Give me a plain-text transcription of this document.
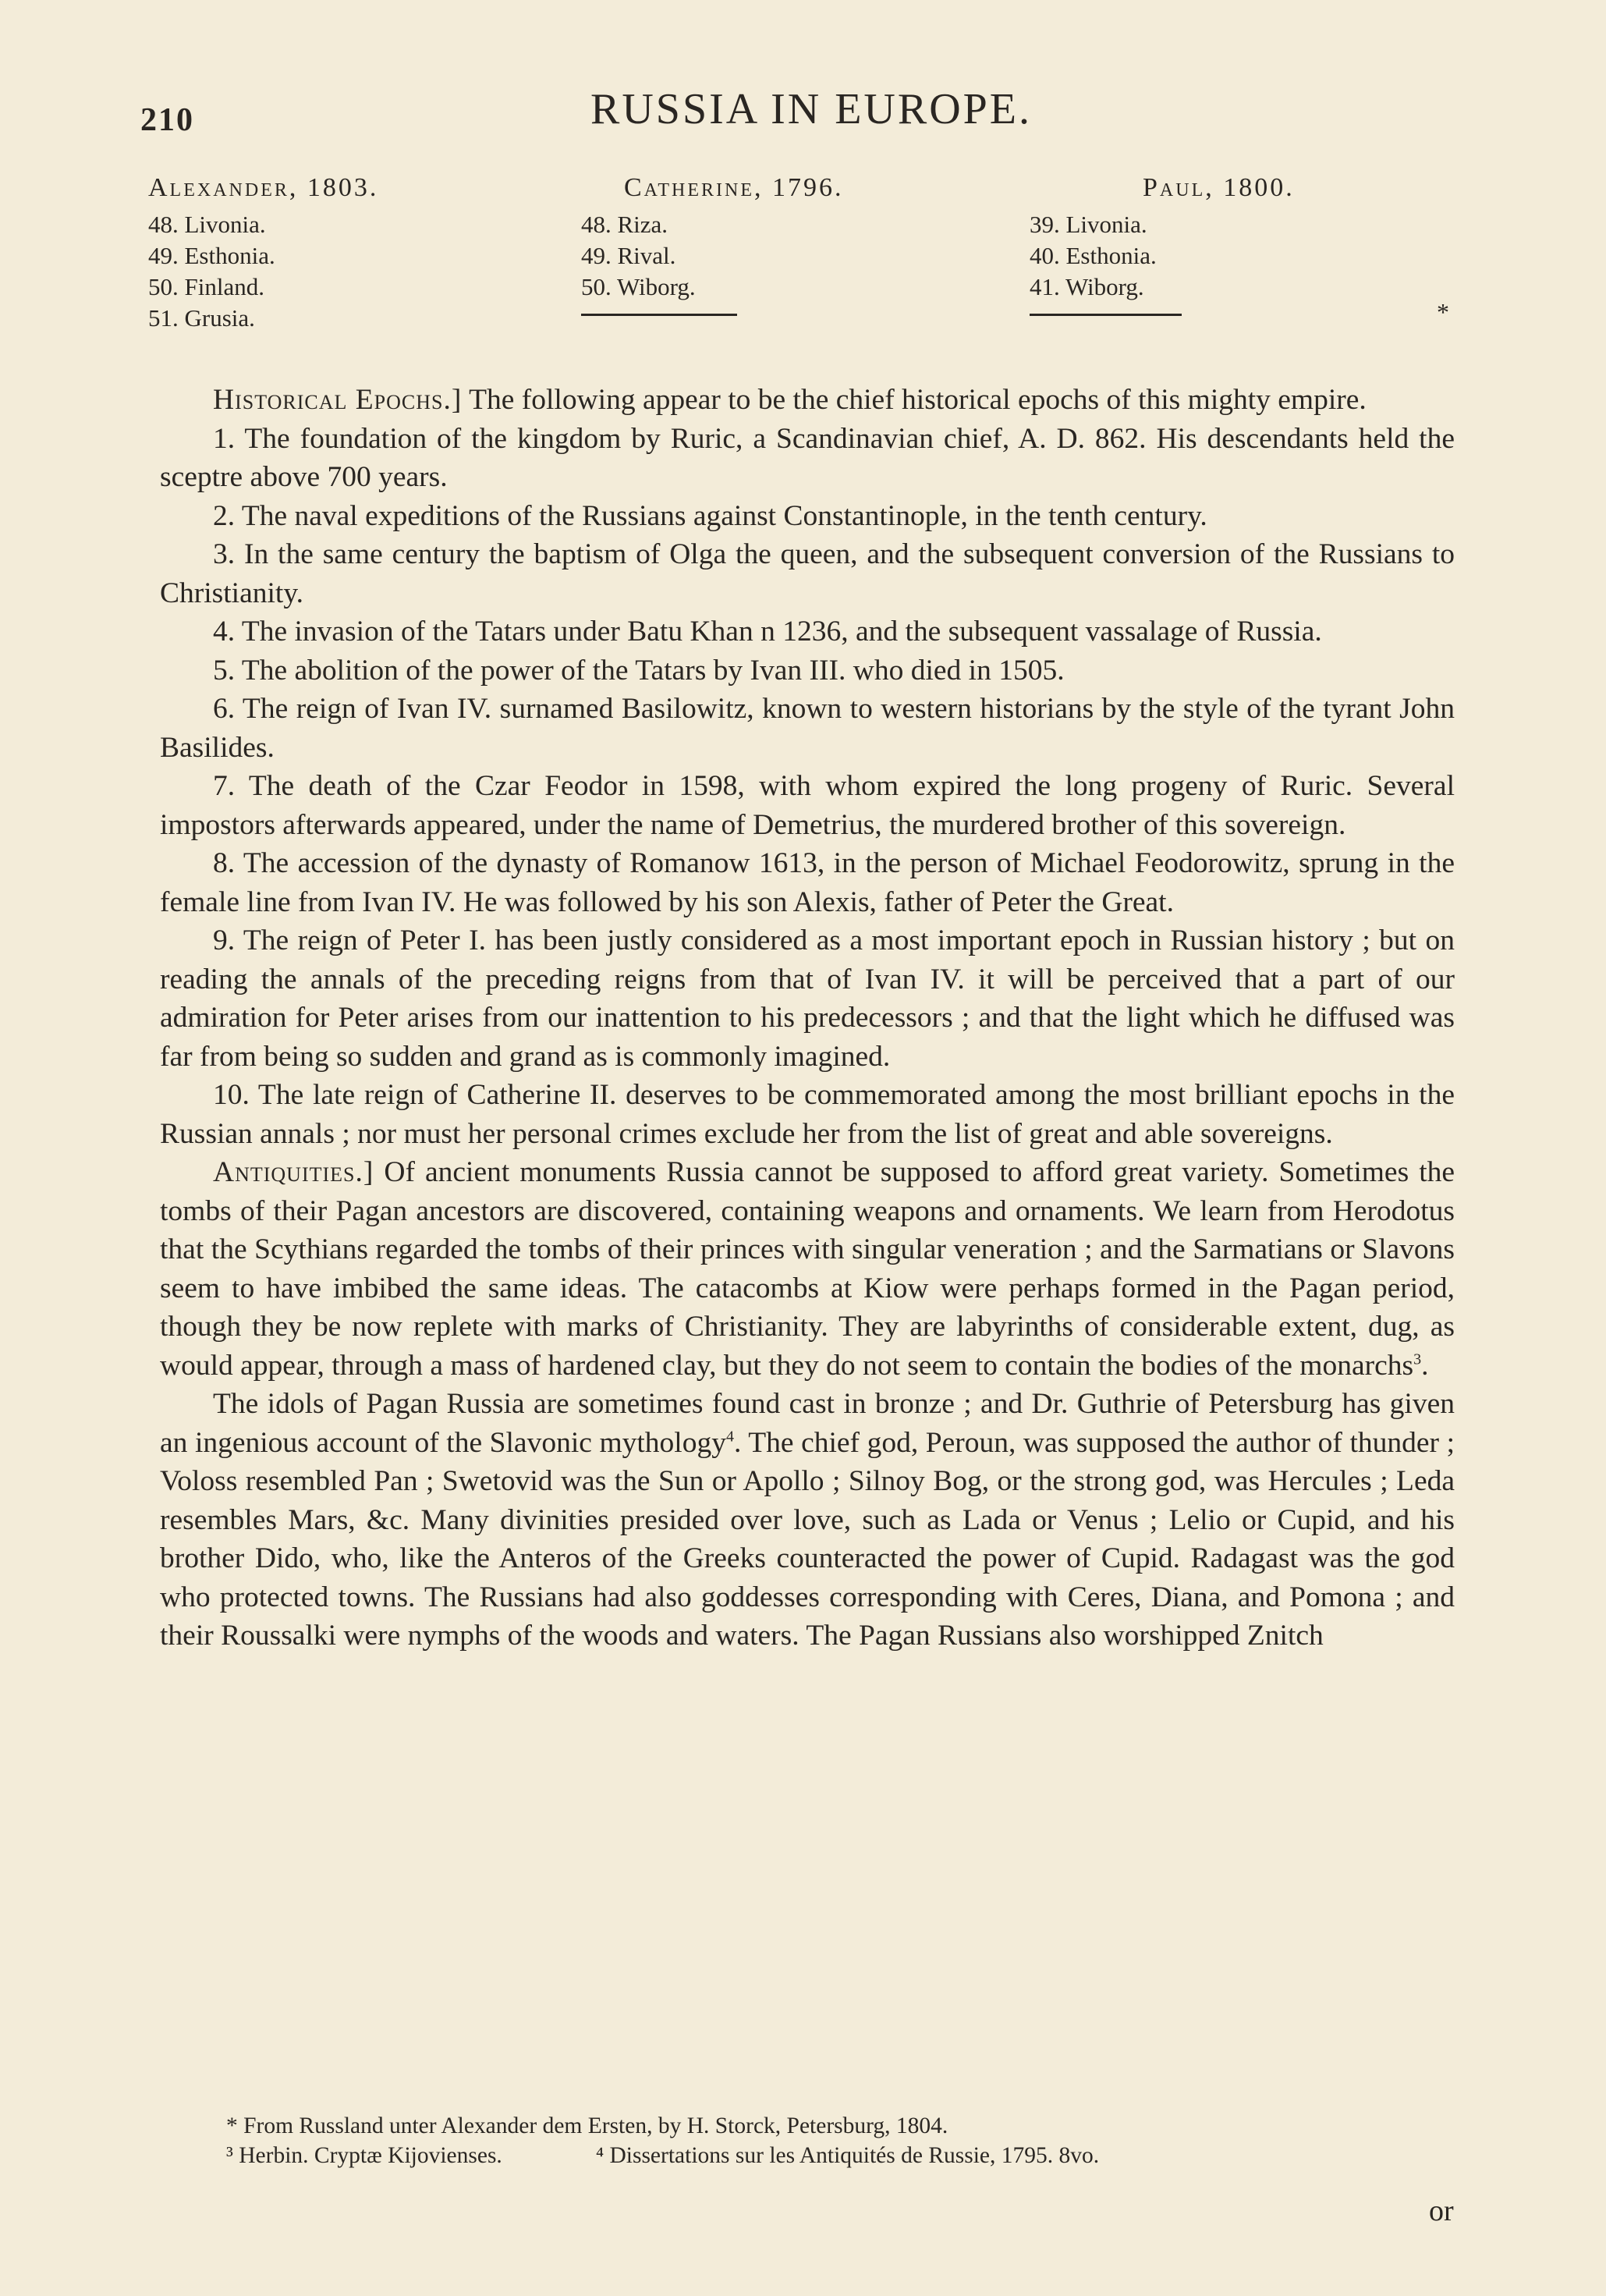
210	RUSSIA IN EUROPE.
Alexander, 1803.
48. Livonia.
49. Esthonia.
50. Finland.
51. Grusia.
Catherine, 1796.
48. Riza.
49. Rival.
50. Wiborg.
Paul, 1800.
39. Livonia.
40. Esthonia.
41. Wiborg.
*

Historical Epochs.] The following appear to be the chief historical epochs of this mighty empire.

1. The foundation of the kingdom by Ruric, a Scandinavian chief, A. D. 862. His descendants held the sceptre above 700 years.

2. The naval expeditions of the Russians against Constantinople, in the tenth century.

3. In the same century the baptism of Olga the queen, and the subsequent conversion of the Russians to Christianity.

4. The invasion of the Tatars under Batu Khan n 1236, and the subsequent vassalage of Russia.

5. The abolition of the power of the Tatars by Ivan III. who died in 1505.

6. The reign of Ivan IV. surnamed Basilowitz, known to western historians by the style of the tyrant John Basilides.

7. The death of the Czar Feodor in 1598, with whom expired the long progeny of Ruric. Several impostors afterwards appeared, under the name of Demetrius, the murdered brother of this sovereign.

8. The accession of the dynasty of Romanow 1613, in the person of Michael Feodorowitz, sprung in the female line from Ivan IV. He was followed by his son Alexis, father of Peter the Great.

9. The reign of Peter I. has been justly considered as a most important epoch in Russian history ; but on reading the annals of the preceding reigns from that of Ivan IV. it will be perceived that a part of our admiration for Peter arises from our inattention to his predecessors ; and that the light which he diffused was far from being so sudden and grand as is commonly imagined.

10. The late reign of Catherine II. deserves to be commemorated among the most brilliant epochs in the Russian annals ; nor must her personal crimes exclude her from the list of great and able sovereigns.

Antiquities.] Of ancient monuments Russia cannot be supposed to afford great variety. Sometimes the tombs of their Pagan ancestors are discovered, containing weapons and ornaments. We learn from Herodotus that the Scythians regarded the tombs of their princes with singular veneration ; and the Sarmatians or Slavons seem to have imbibed the same ideas. The catacombs at Kiow were perhaps formed in the Pagan period, though they be now replete with marks of Christianity. They are labyrinths of considerable extent, dug, as would appear, through a mass of hardened clay, but they do not seem to contain the bodies of the monarchs$^3$.

The idols of Pagan Russia are sometimes found cast in bronze ; and Dr. Guthrie of Petersburg has given an ingenious account of the Slavonic mythology$^4$. The chief god, Peroun, was supposed the author of thunder ; Voloss resembled Pan ; Swetovid was the Sun or Apollo ; Silnoy Bog, or the strong god, was Hercules ; Leda resembles Mars, &c. Many divinities presided over love, such as Lada or Venus ; Lelio or Cupid, and his brother Dido, who, like the Anteros of the Greeks counteracted the power of Cupid. Radagast was the god who protected towns. The Russians had also goddesses corresponding with Ceres, Diana, and Pomona ; and their Roussalki were nymphs of the woods and waters. The Pagan Russians also worshipped Znitch

* From Russland unter Alexander dem Ersten, by H. Storck, Petersburg, 1804.
³ Herbin. Cryptæ Kijovienses.	⁴ Dissertations sur les Antiquités de Russie, 1795. 8vo.
or
